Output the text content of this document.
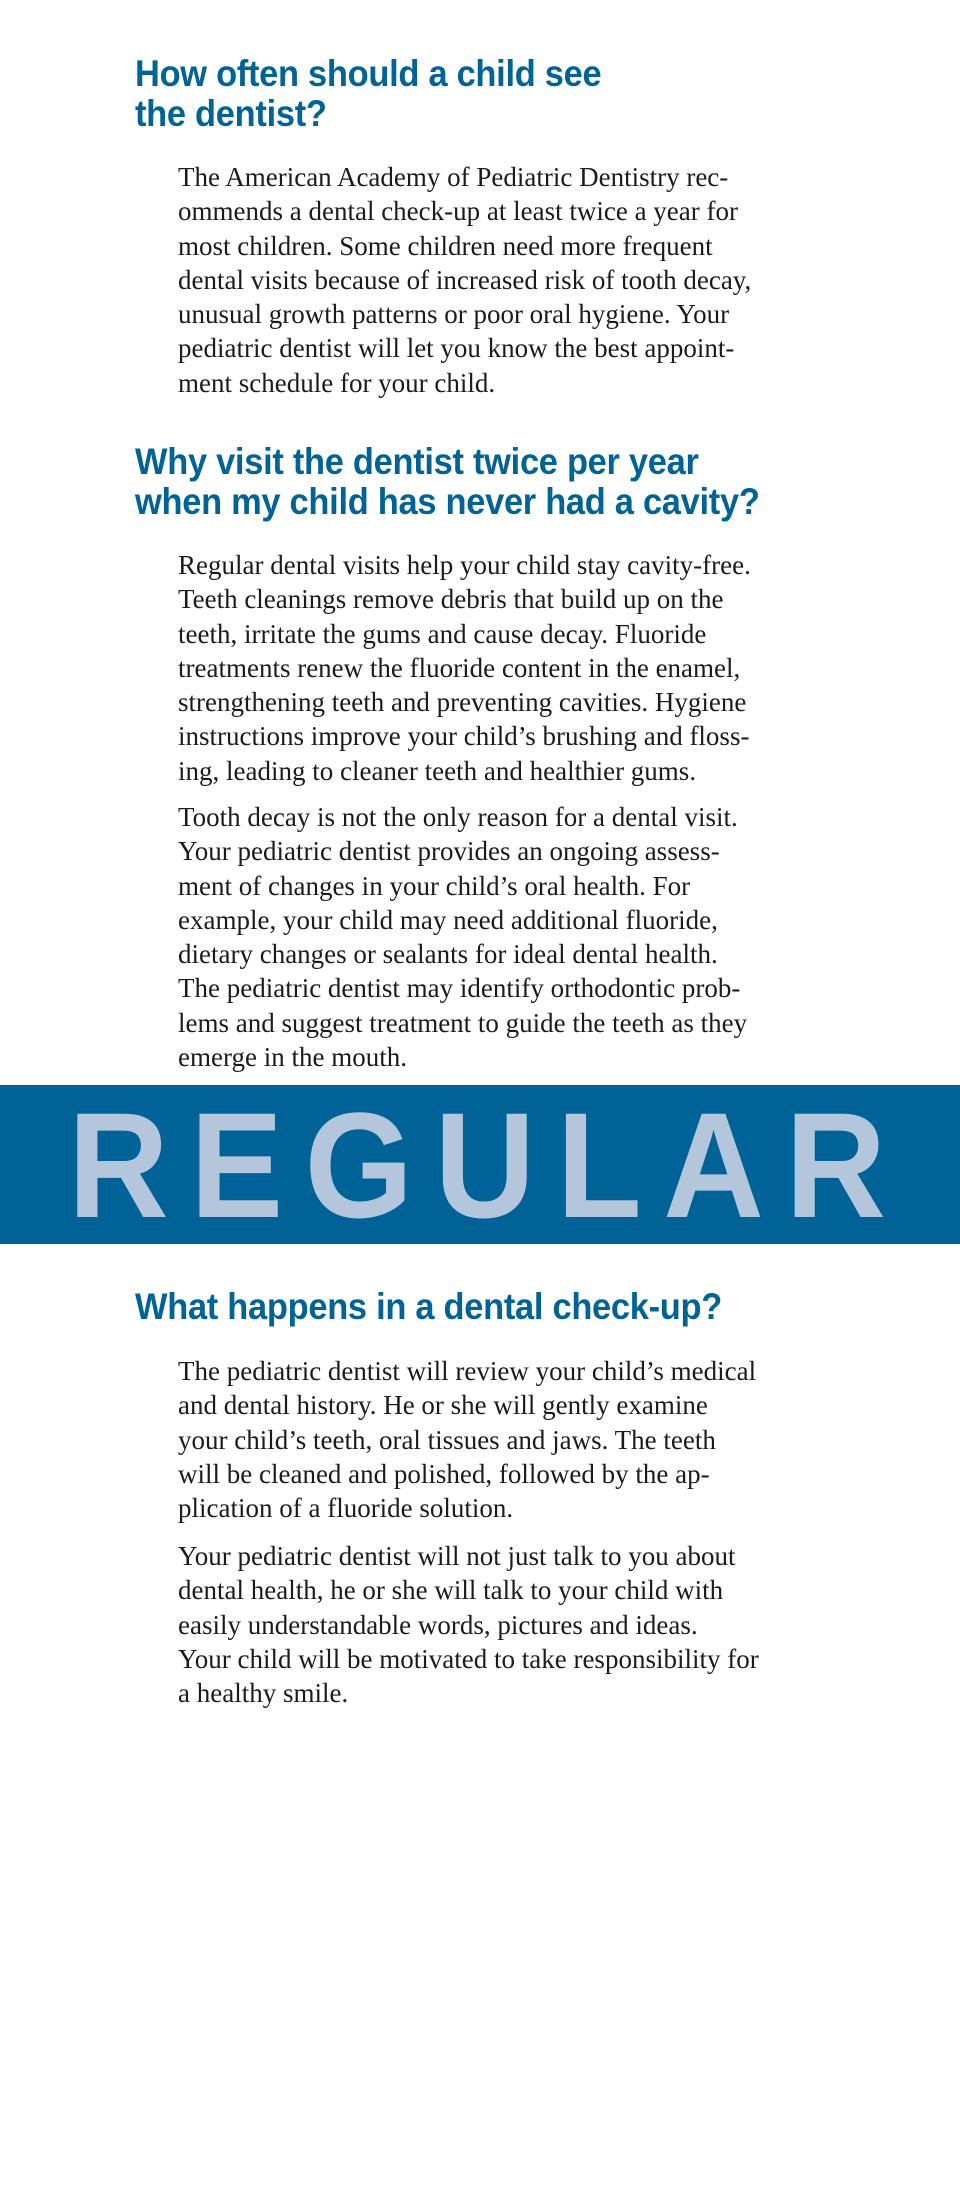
How often should a child see
the dentist?

The American Academy of Pediatric Dentistry rec-
ommends a dental check-up at least twice a year for
most children. Some children need more frequent
dental visits because of increased risk of tooth decay,
unusual growth patterns or poor oral hygiene. Your
pediatric dentist will let you know the best appoint-
ment schedule for your child.

Why visit the dentist twice per year
when my child has never had a cavity?

Regular dental visits help your child stay cavity-free.
Teeth cleanings remove debris that build up on the
teeth, irritate the gums and cause decay. Fluoride
treatments renew the fluoride content in the enamel,
strengthening teeth and preventing cavities. Hygiene
instructions improve your child’s brushing and floss-
ing, leading to cleaner teeth and healthier gums.

Tooth decay is not the only reason for a dental visit.
Your pediatric dentist provides an ongoing assess-
ment of changes in your child’s oral health. For
example, your child may need additional fluoride,
dietary changes or sealants for ideal dental health.
The pediatric dentist may identify orthodontic prob-
lems and suggest treatment to guide the teeth as they
emerge in the mouth.

REGULAR
What happens in a dental check-up?

The pediatric dentist will review your child’s medical
and dental history. He or she will gently examine
your child’s teeth, oral tissues and jaws. The teeth
will be cleaned and polished, followed by the ap-
plication of a fluoride solution.

Your pediatric dentist will not just talk to you about
dental health, he or she will talk to your child with
easily understandable words, pictures and ideas.
Your child will be motivated to take responsibility for
a healthy smile.
